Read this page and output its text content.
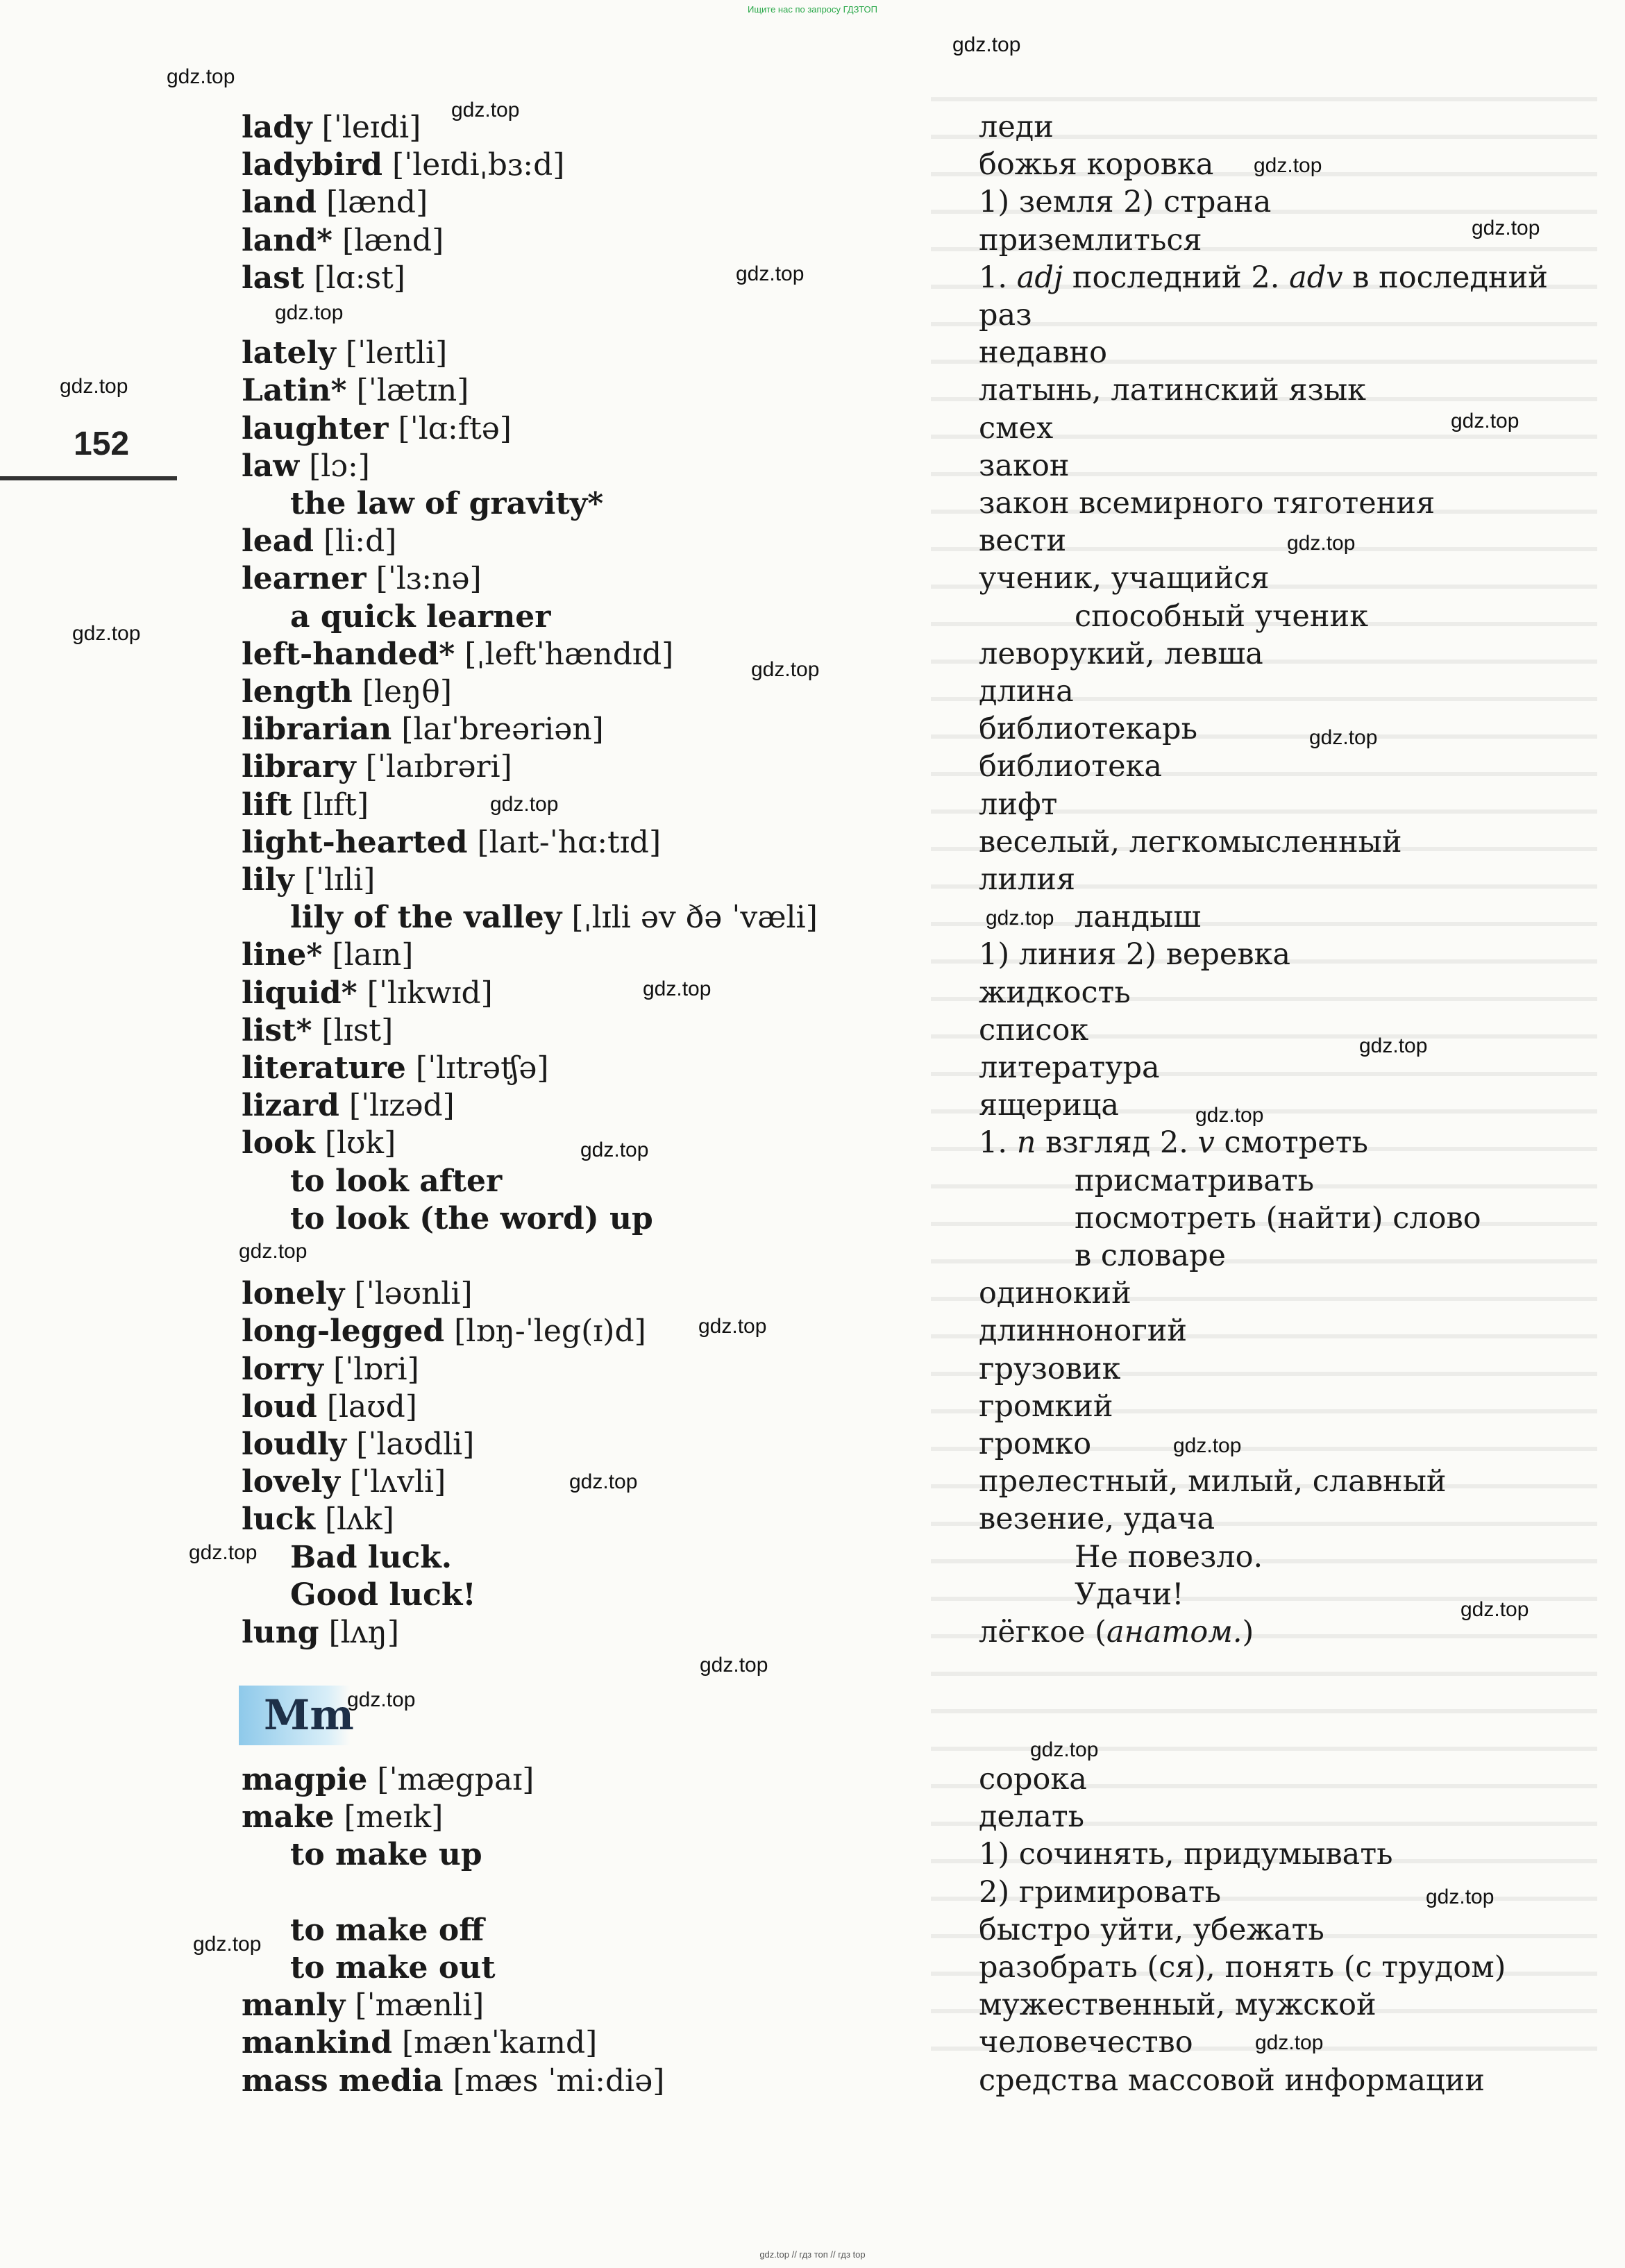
Ищите нас по запросу ГДЗТОП
152
Mm
lady [ˈleɪdi]	леди
ladybird [ˈleɪdiˌbɜ:d]	божья коровка
land [lænd]	1) земля 2) страна
land* [lænd]	приземлиться
last [lɑ:st]	1. adj последний 2. adv в последний
раз
lately [ˈleɪtli]	недавно
Latin* [ˈlætɪn]	латынь, латинский язык
laughter [ˈlɑ:ftə]	смех
law [lɔ:]	закон
the law of gravity*	закон всемирного тяготения
lead [li:d]	вести
learner [ˈlɜ:nə]	ученик, учащийся
a quick learner	способный ученик
left-handed* [ˌleftˈhændɪd]	леворукий, левша
length [leŋθ]	длина
librarian [laɪˈbreəriən]	библиотекарь
library [ˈlaɪbrəri]	библиотека
lift [lɪft]	лифт
light-hearted [laɪt-ˈhɑ:tɪd]	веселый, легкомысленный
lily [ˈlɪli]	лилия
lily of the valley [ˌlɪli əv ðə ˈvæli]	ландыш
line* [laɪn]	1) линия 2) веревка
liquid* [ˈlɪkwɪd]	жидкость
list* [lɪst]	список
literature [ˈlɪtrəʧə]	литература
lizard [ˈlɪzəd]	ящерица
look [lʊk]	1. n взгляд 2. v смотреть
to look after	присматривать
to look (the word) up	посмотреть (найти) слово
в словаре
lonely [ˈləʊnli]	одинокий
long-legged [lɒŋ-ˈleg(ɪ)d]	длинноногий
lorry [ˈlɒri]	грузовик
loud [laʊd]	громкий
loudly [ˈlaʊdli]	громко
lovely [ˈlʌvli]	прелестный, милый, славный
luck [lʌk]	везение, удача
Bad luck.	Не повезло.
Good luck!	Удачи!
lung [lʌŋ]	лёгкое (анатом.)
magpie [ˈmægpaɪ]	сорока
make [meɪk]	делать
to make up	1) сочинять, придумывать
2) гримировать
to make off	быстро уйти, убежать
to make out	разобрать (ся), понять (с трудом)
manly [ˈmænli]	мужественный, мужской
mankind [mænˈkaɪnd]	человечество
mass media [mæs ˈmi:diə]	средства массовой информации
gdz.top
gdz.top
gdz.top
gdz.top
gdz.top
gdz.top
gdz.top
gdz.top
gdz.top
gdz.top
gdz.top
gdz.top
gdz.top
gdz.top
gdz.top
gdz.top
gdz.top
gdz.top
gdz.top
gdz.top
gdz.top
gdz.top
gdz.top
gdz.top
gdz.top
gdz.top
gdz.top
gdz.top
gdz.top
gdz.top
gdz.top
gdz.top // гдз топ // гдз top
